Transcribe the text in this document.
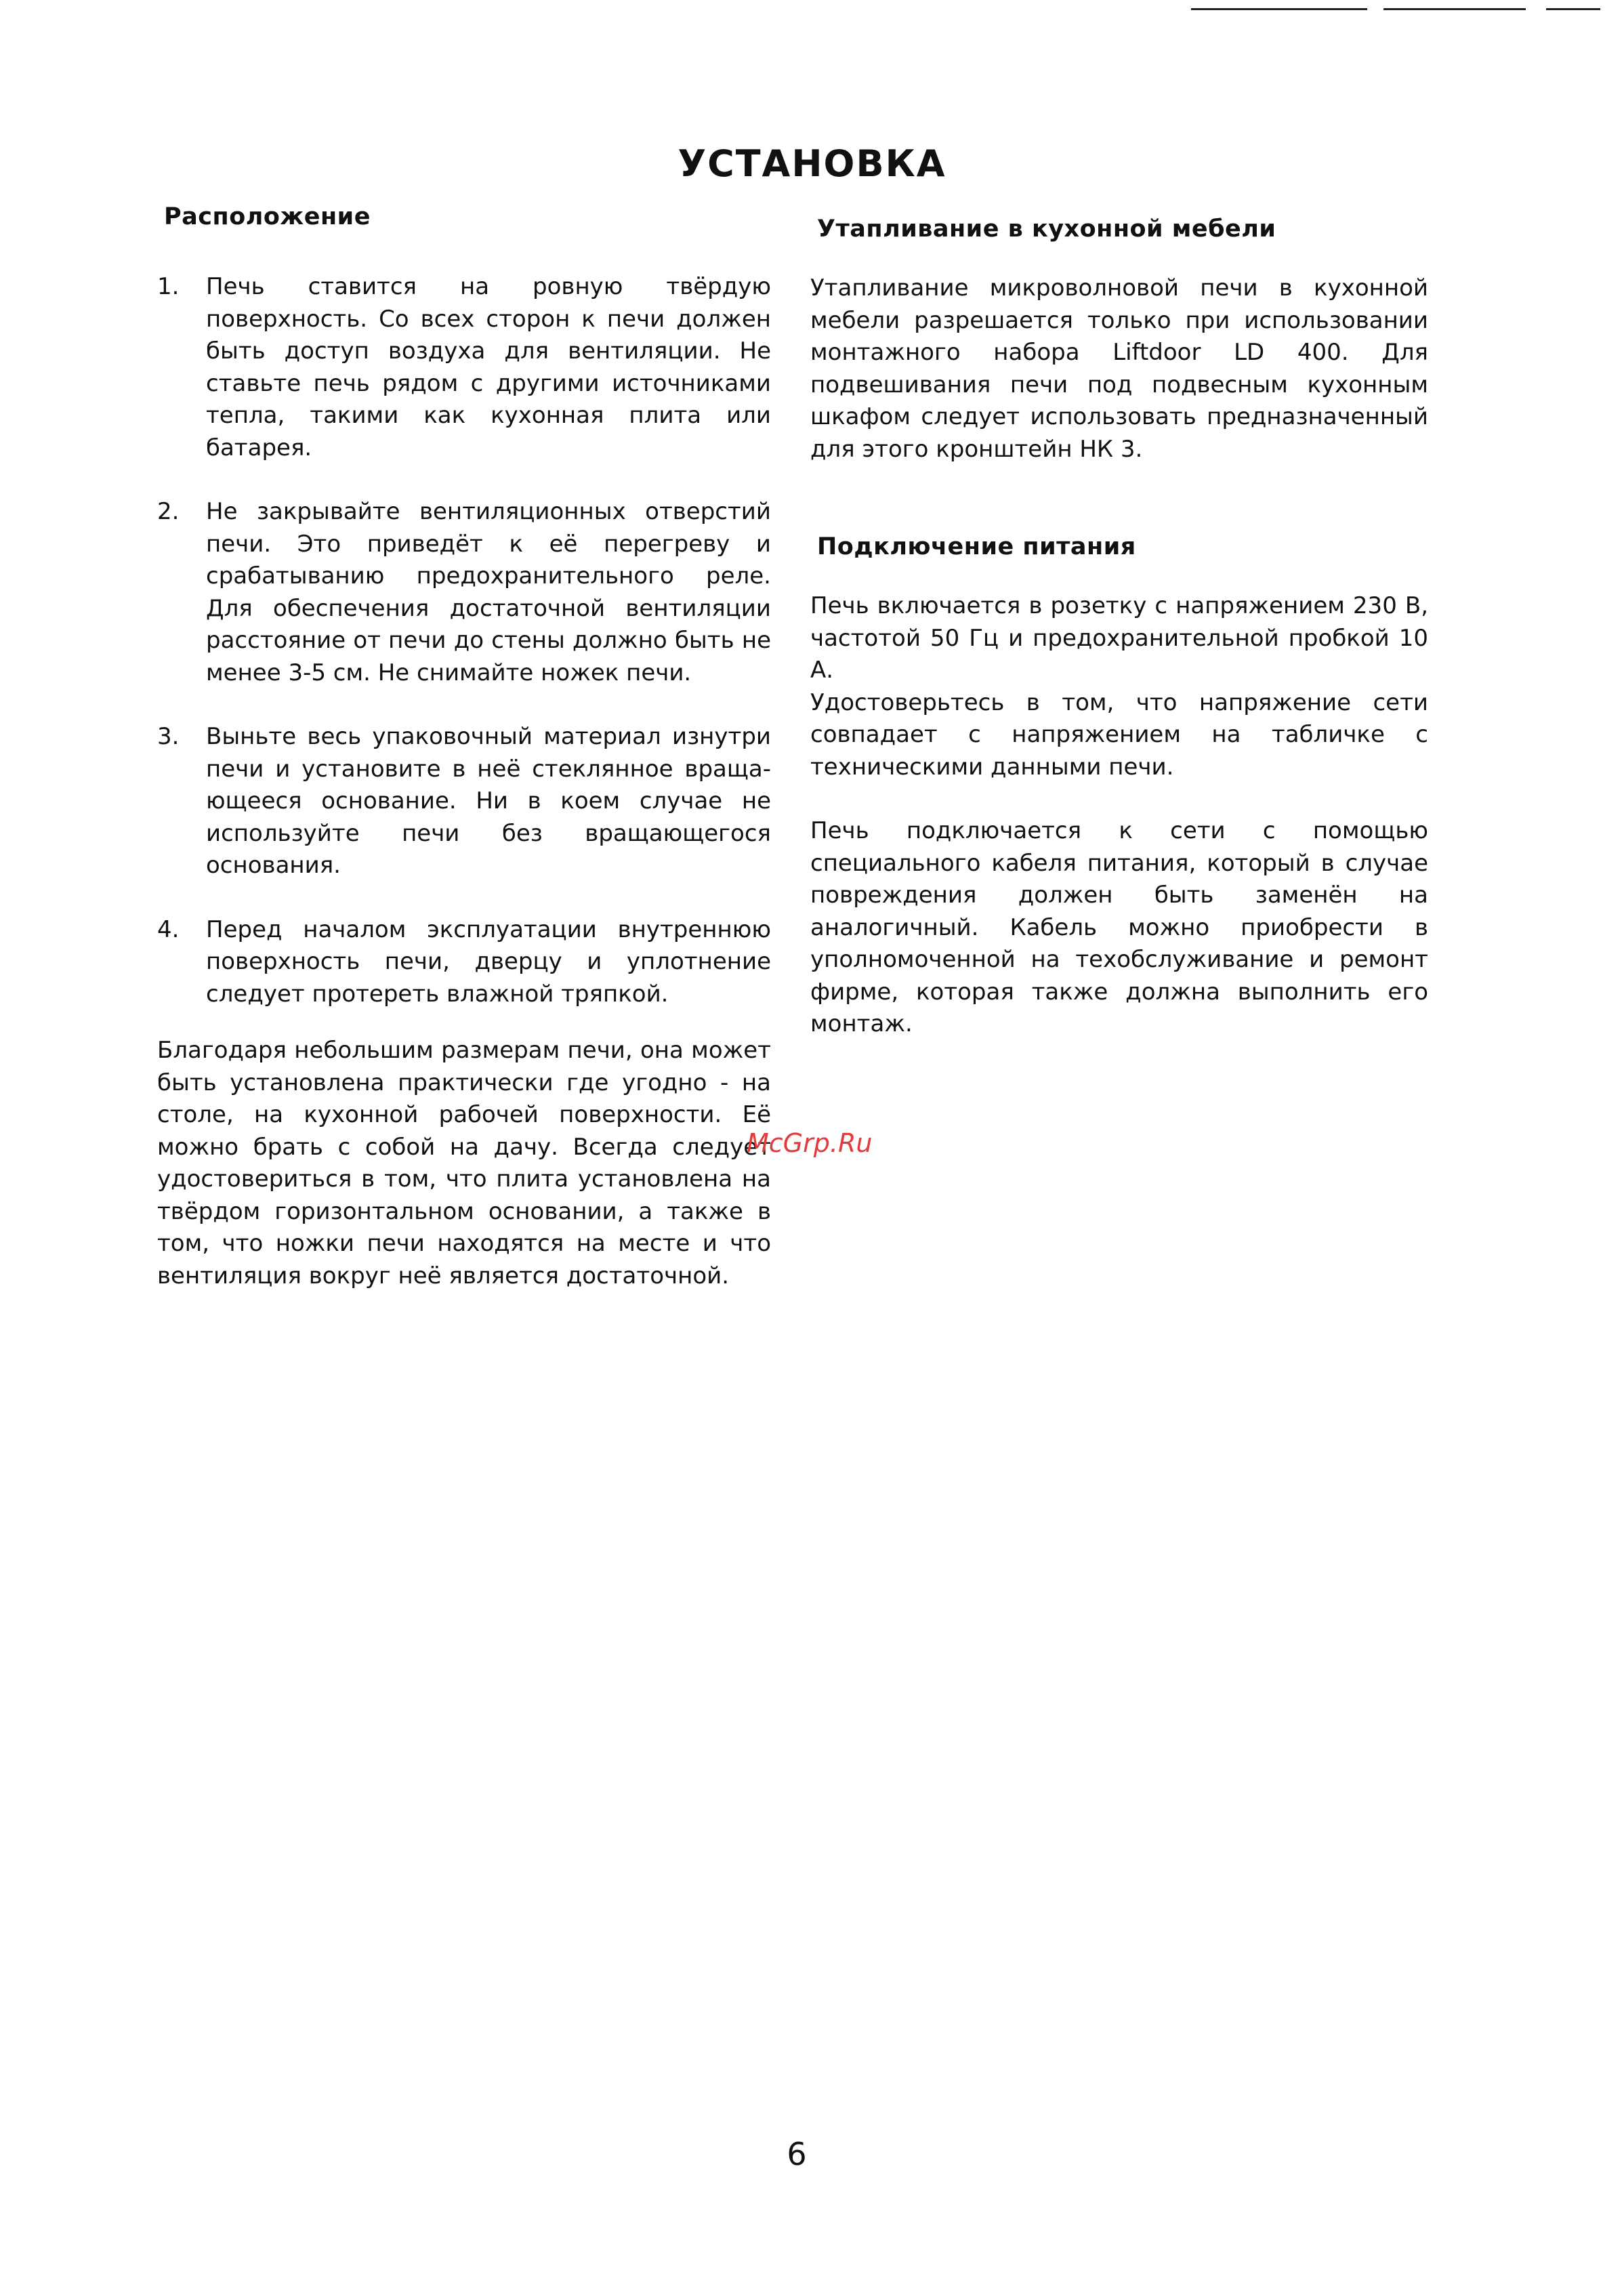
УСТАНОВКА
Расположение
1.	Печь ставится на ровную твёрдую поверхность. Со всех сторон к печи должен быть доступ воздуха для вентиляции. Не ставьте печь рядом с другими источниками тепла, такими как кухонная плита или батарея.
2.	Не закрывайте вентиляционных отверстий печи. Это приведёт к её перегреву и срабатыванию предохранительного реле. Для обеспечения достаточной вентиляции расстояние от печи до стены должно быть не менее 3-5 см. Не снимайте ножек печи.
3.	Выньте весь упаковочный материал изнутри печи и установите в неё стеклянное враща-ющееся основание. Ни в коем случае не используйте печи без вращающегося основания.
4.	Перед началом эксплуатации внутреннюю поверхность печи, дверцу и уплотнение следует протереть влажной тряпкой.

Благодаря небольшим размерам печи, она может быть установлена практически где угодно - на столе, на кухонной рабочей поверхности. Её можно брать с собой на дачу. Всегда следует удостовериться в том, что плита установлена на твёрдом горизонтальном основании, а также в том, что ножки печи находятся на месте и что вентиляция вокруг неё является достаточной.

Утапливание в кухонной мебели

Утапливание микроволновой печи в кухонной мебели разрешается только при использовании монтажного набора Liftdoor LD 400. Для подвешивания печи под подвесным кухонным шкафом следует использовать предназначенный для этого кронштейн НК 3.

Подключение питания

Печь включается в розетку с напряжением 230 В, частотой 50 Гц и предохранительной пробкой 10 А.

Удостоверьтесь в том, что напряжение сети совпадает с напряжением на табличке с техническими данными печи.

Печь подключается к сети с помощью специального кабеля питания, который в случае повреждения должен быть заменён на аналогичный. Кабель можно приобрести в уполномоченной на техобслуживание и ремонт фирме, которая также должна выполнить его монтаж.

McGrp.Ru
6
